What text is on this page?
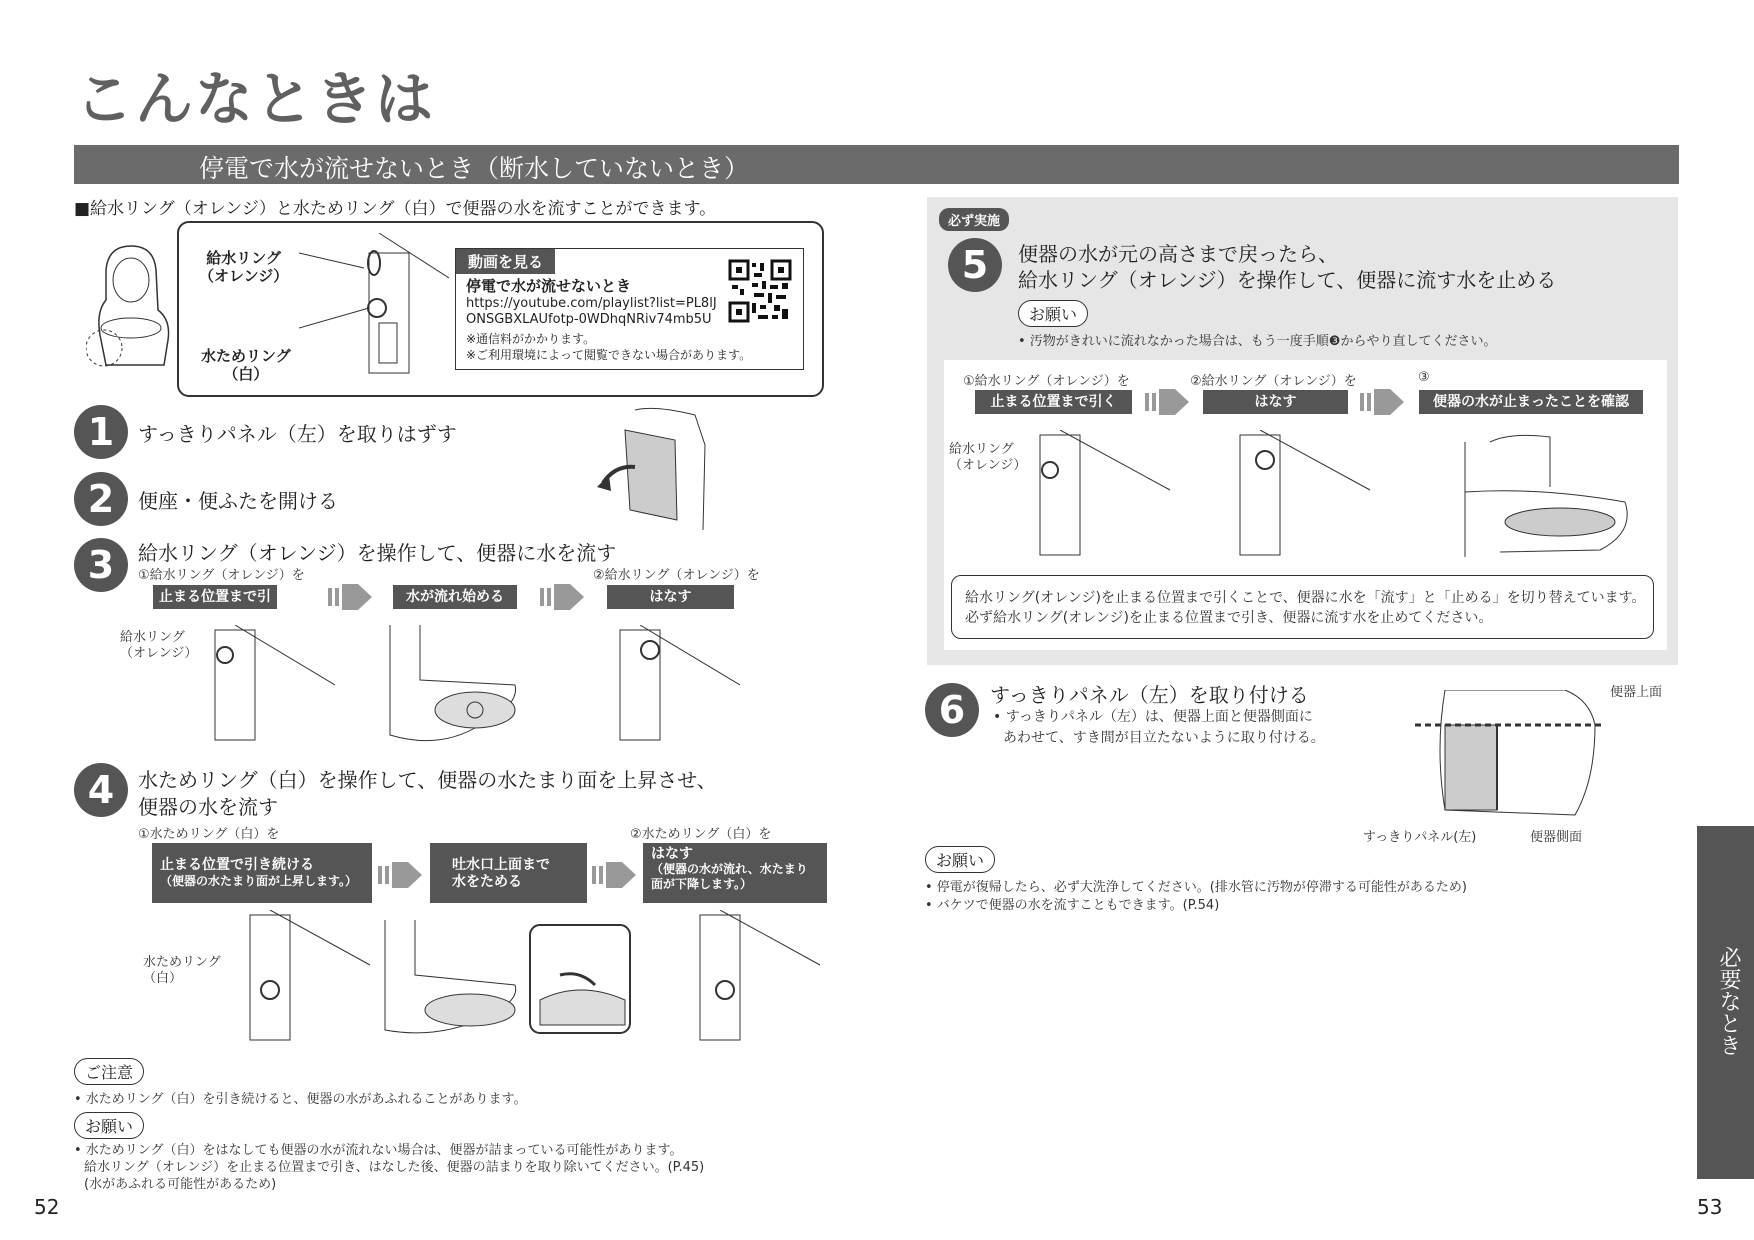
こんなときは
停電で水が流せないとき（断水していないとき）
■給水リング（オレンジ）と水ためリング（白）で便器の水を流すことができます。
給水リング
（オレンジ）
水ためリング
（白）
動画を見る
停電で水が流せないとき
https://youtube.com/playlist?list=PL8lJ
ONSGBXLAUfotp-0WDhqNRiv74mb5U
※通信料がかかります。
※ご利用環境によって閲覧できない場合があります。
1	すっきりパネル（左）を取りはずす
2	便座・便ふたを開ける
3	給水リング（オレンジ）を操作して、便器に水を流す
①給水リング（オレンジ）を
止まる位置まで引く
水が流れ始める
②給水リング（オレンジ）を
はなす
給水リング
（オレンジ）
4	水ためリング（白）を操作して、便器の水たまり面を上昇させ、
便器の水を流す
①水ためリング（白）を
止まる位置で引き続ける
（便器の水たまり面が上昇します。）
吐水口上面まで
水をためる
②水ためリング（白）を
はなす
（便器の水が流れ、水たまり
面が下降します。）
水ためリング
（白）
ご注意
• 水ためリング（白）を引き続けると、便器の水があふれることがあります。
お願い
• 水ためリング（白）をはなしても便器の水が流れない場合は、便器が詰まっている可能性があります。
給水リング（オレンジ）を止まる位置まで引き、はなした後、便器の詰まりを取り除いてください。(P.45)
(水があふれる可能性があるため)
52
必ず実施
5	便器の水が元の高さまで戻ったら、
給水リング（オレンジ）を操作して、便器に流す水を止める
お願い
• 汚物がきれいに流れなかった場合は、もう一度手順❸からやり直してください。
①給水リング（オレンジ）を
止まる位置まで引く
②給水リング（オレンジ）を
はなす
③
便器の水が止まったことを確認
給水リング
（オレンジ）
給水リング(オレンジ)を止まる位置まで引くことで、便器に水を「流す」と「止める」を切り替えています。
必ず給水リング(オレンジ)を止まる位置まで引き、便器に流す水を止めてください。
6	すっきりパネル（左）を取り付ける
• すっきりパネル（左）は、便器上面と便器側面に
あわせて、すき間が目立たないように取り付ける。
便器上面
すっきりパネル(左)	便器側面
お願い
• 停電が復帰したら、必ず大洗浄してください。(排水管に汚物が停滞する可能性があるため)
• バケツで便器の水を流すこともできます。(P.54)
必要なとき
53
